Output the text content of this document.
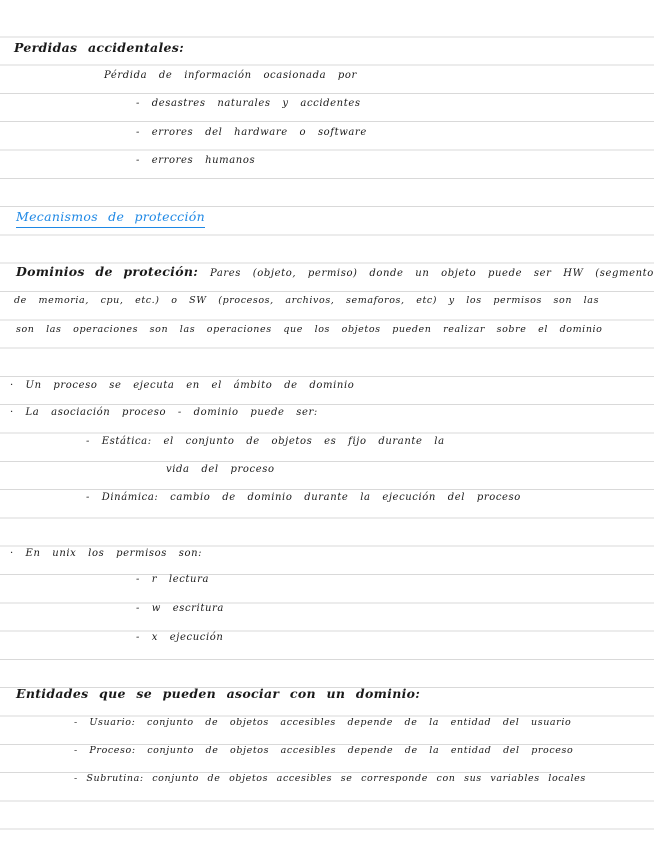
Perdidas accidentales:
Pérdida de información ocasionada por
- desastres naturales y accidentes
- errores del hardware o software
- errores humanos
Mecanismos de protección
Dominios de proteción: Pares (objeto, permiso) donde un objeto puede ser HW (segmento
de memoria, cpu, etc.) o SW (procesos, archivos, semaforos, etc) y los permisos son las
son las operaciones son las operaciones que los objetos pueden realizar sobre el dominio
· Un proceso se ejecuta en el ámbito de dominio
· La asociación proceso - dominio puede ser:
- Estática: el conjunto de objetos es fijo durante la
vida del proceso
- Dinámica: cambio de dominio durante la ejecución del proceso
· En unix los permisos son:
- r lectura
- w escritura
- x ejecución
Entidades que se pueden asociar con un dominio:
- Usuario: conjunto de objetos accesibles depende de la entidad del usuario
- Proceso: conjunto de objetos accesibles depende de la entidad del proceso
- Subrutina: conjunto de objetos accesibles se corresponde con sus variables locales
